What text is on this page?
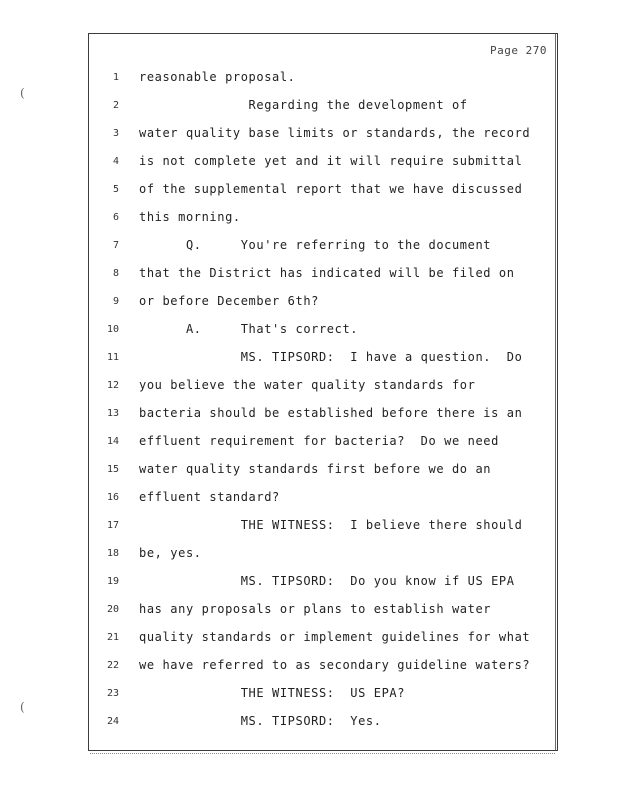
Page 270
1 reasonable proposal.
2 Regarding the development of
3 water quality base limits or standards, the record
4 is not complete yet and it will require submittal
5 of the supplemental report that we have discussed
6 this morning.
7 Q.     You're referring to the document
8 that the District has indicated will be filed on
9 or before December 6th?
10 A.     That's correct.
11 MS. TIPSORD:  I have a question.  Do
12 you believe the water quality standards for
13 bacteria should be established before there is an
14 effluent requirement for bacteria?  Do we need
15 water quality standards first before we do an
16 effluent standard?
17 THE WITNESS:  I believe there should
18 be, yes.
19 MS. TIPSORD:  Do you know if US EPA
20 has any proposals or plans to establish water
21 quality standards or implement guidelines for what
22 we have referred to as secondary guideline waters?
23 THE WITNESS:  US EPA?
24 MS. TIPSORD:  Yes.
(
(
